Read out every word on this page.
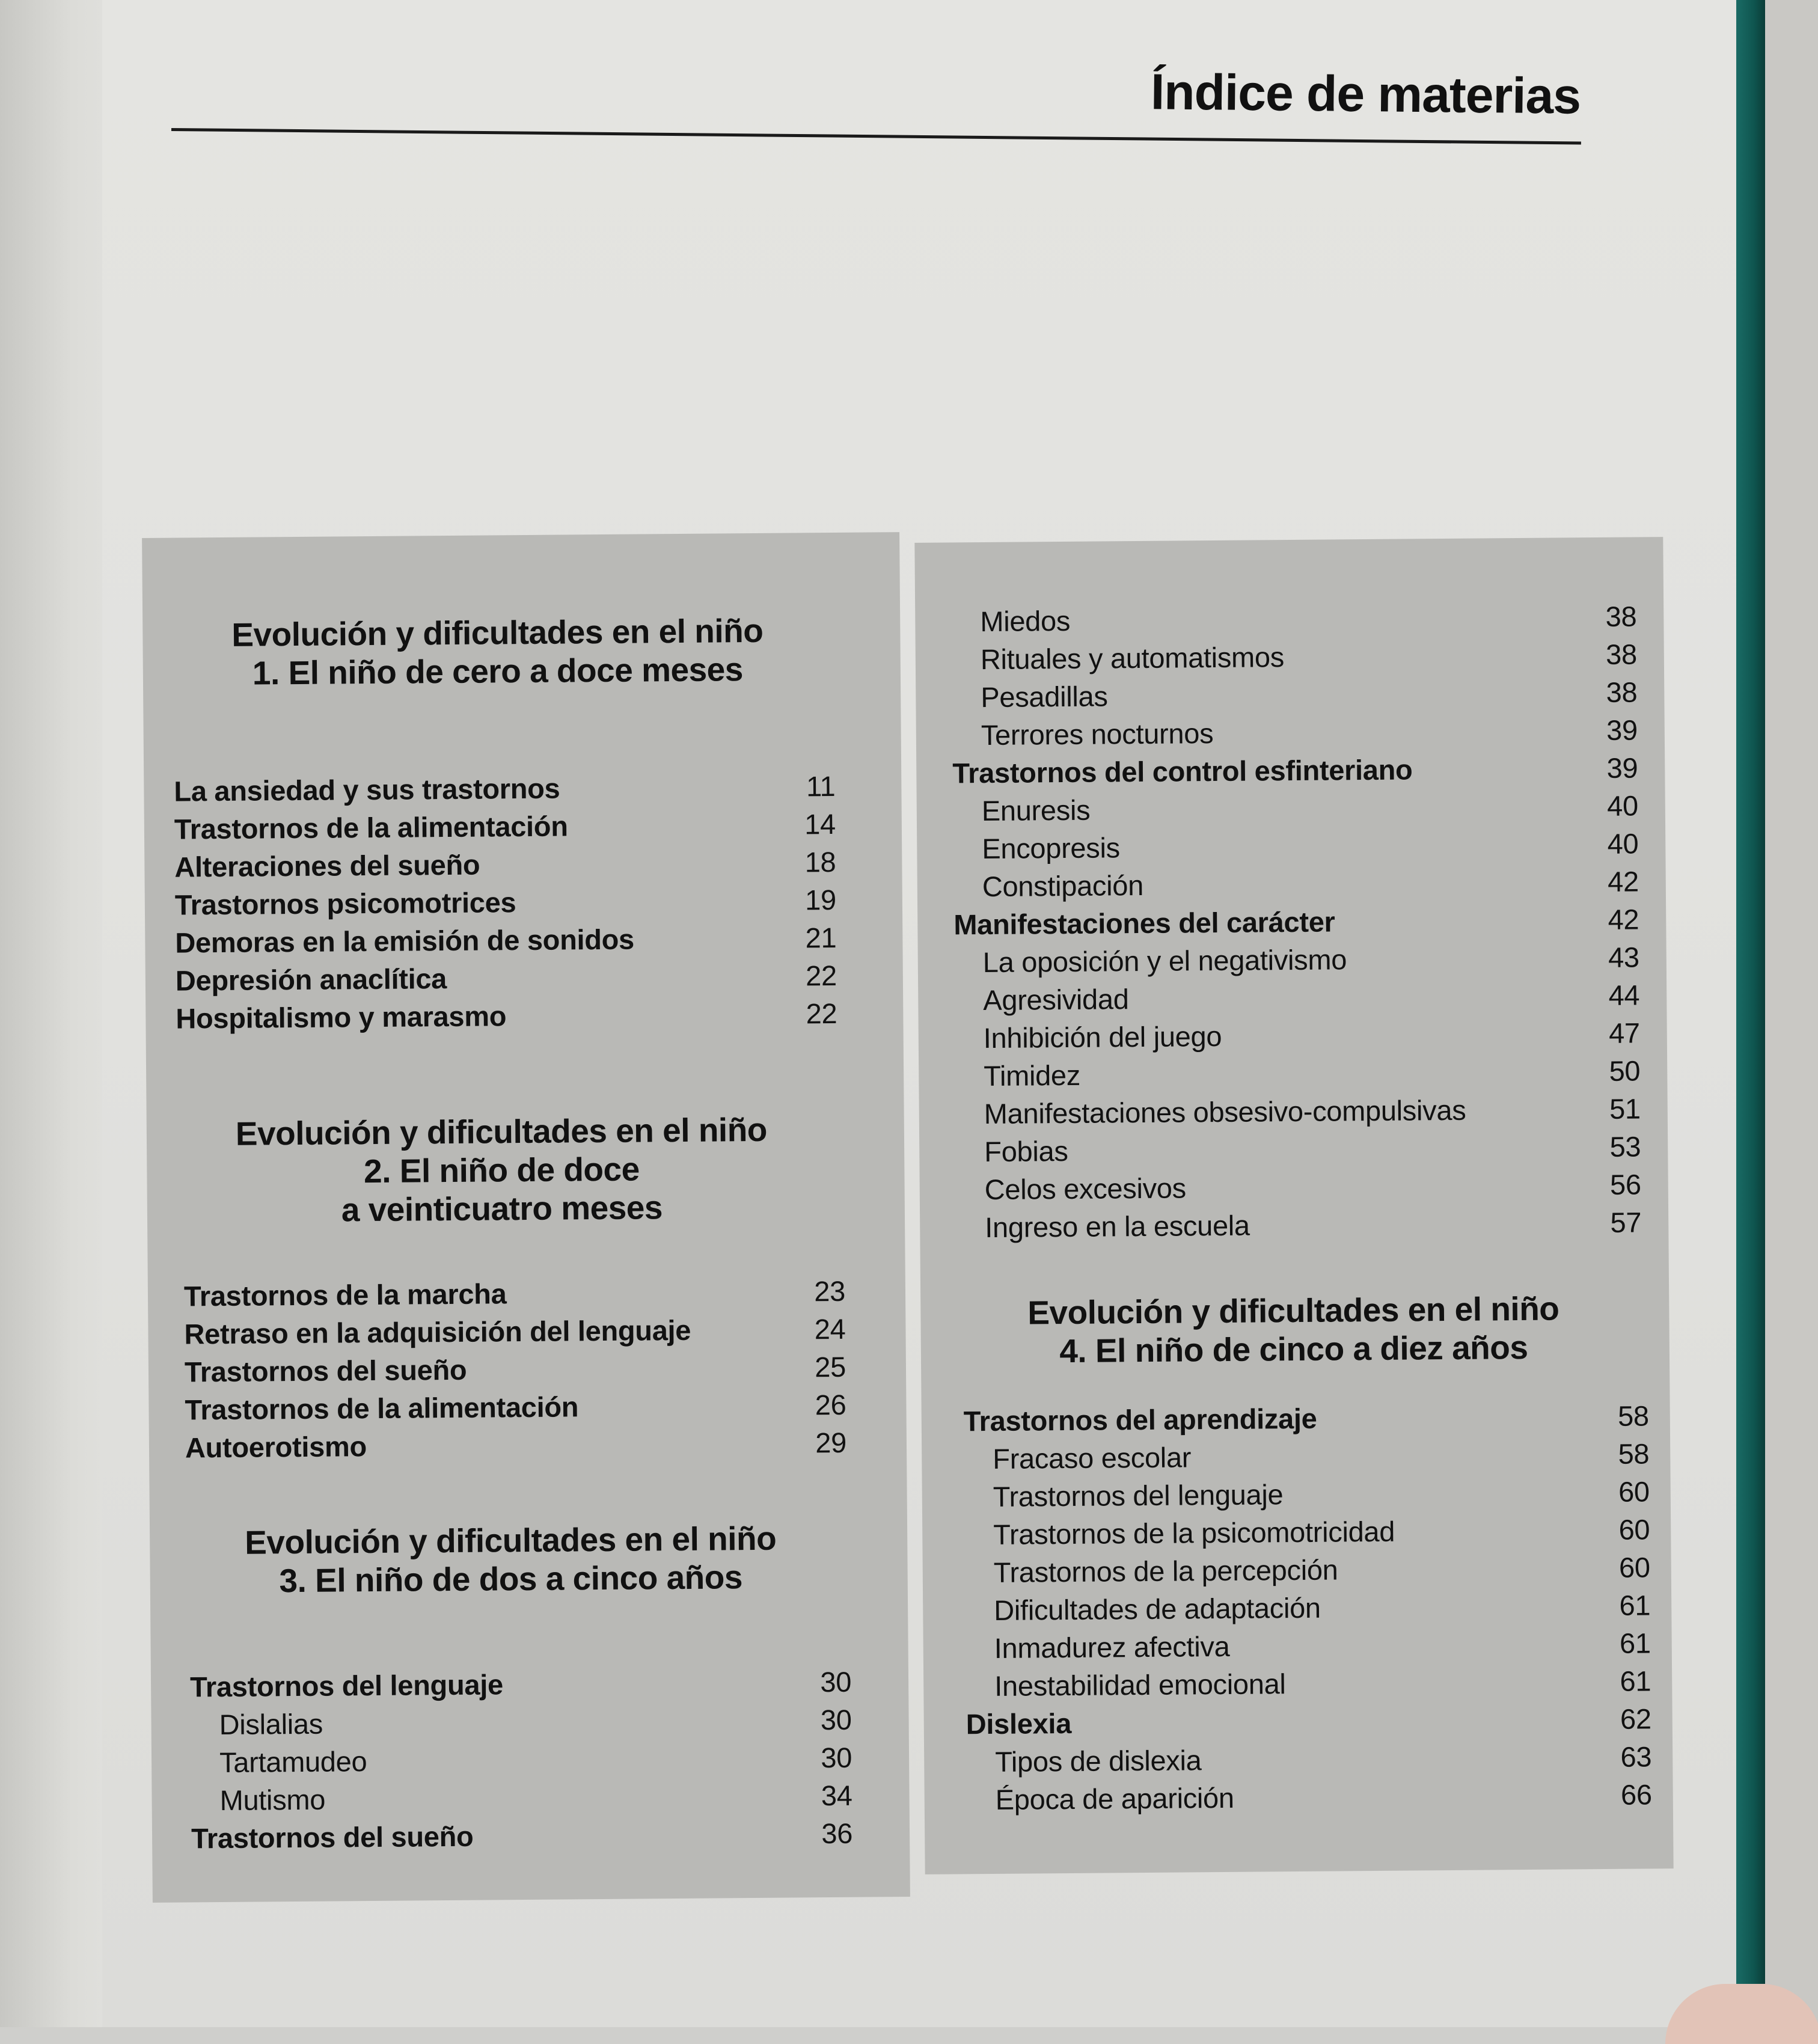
Índice de materias
Evolución y dificultades en el niño
1. El niño de cero a doce meses
La ansiedad y sus trastornos	11
Trastornos de la alimentación	14
Alteraciones del sueño	18
Trastornos psicomotrices	19
Demoras en la emisión de sonidos	21
Depresión anaclítica	22
Hospitalismo y marasmo	22
Evolución y dificultades en el niño
2. El niño de doce
a veinticuatro meses
Trastornos de la marcha	23
Retraso en la adquisición del lenguaje	24
Trastornos del sueño	25
Trastornos de la alimentación	26
Autoerotismo	29
Evolución y dificultades en el niño
3. El niño de dos a cinco años
Trastornos del lenguaje	30
Dislalias	30
Tartamudeo	30
Mutismo	34
Trastornos del sueño	36
Miedos	38
Rituales y automatismos	38
Pesadillas	38
Terrores nocturnos	39
Trastornos del control esfinteriano	39
Enuresis	40
Encopresis	40
Constipación	42
Manifestaciones del carácter	42
La oposición y el negativismo	43
Agresividad	44
Inhibición del juego	47
Timidez	50
Manifestaciones obsesivo-compulsivas	51
Fobias	53
Celos excesivos	56
Ingreso en la escuela	57
Evolución y dificultades en el niño
4. El niño de cinco a diez años
Trastornos del aprendizaje	58
Fracaso escolar	58
Trastornos del lenguaje	60
Trastornos de la psicomotricidad	60
Trastornos de la percepción	60
Dificultades de adaptación	61
Inmadurez afectiva	61
Inestabilidad emocional	61
Dislexia	62
Tipos de dislexia	63
Época de aparición	66
